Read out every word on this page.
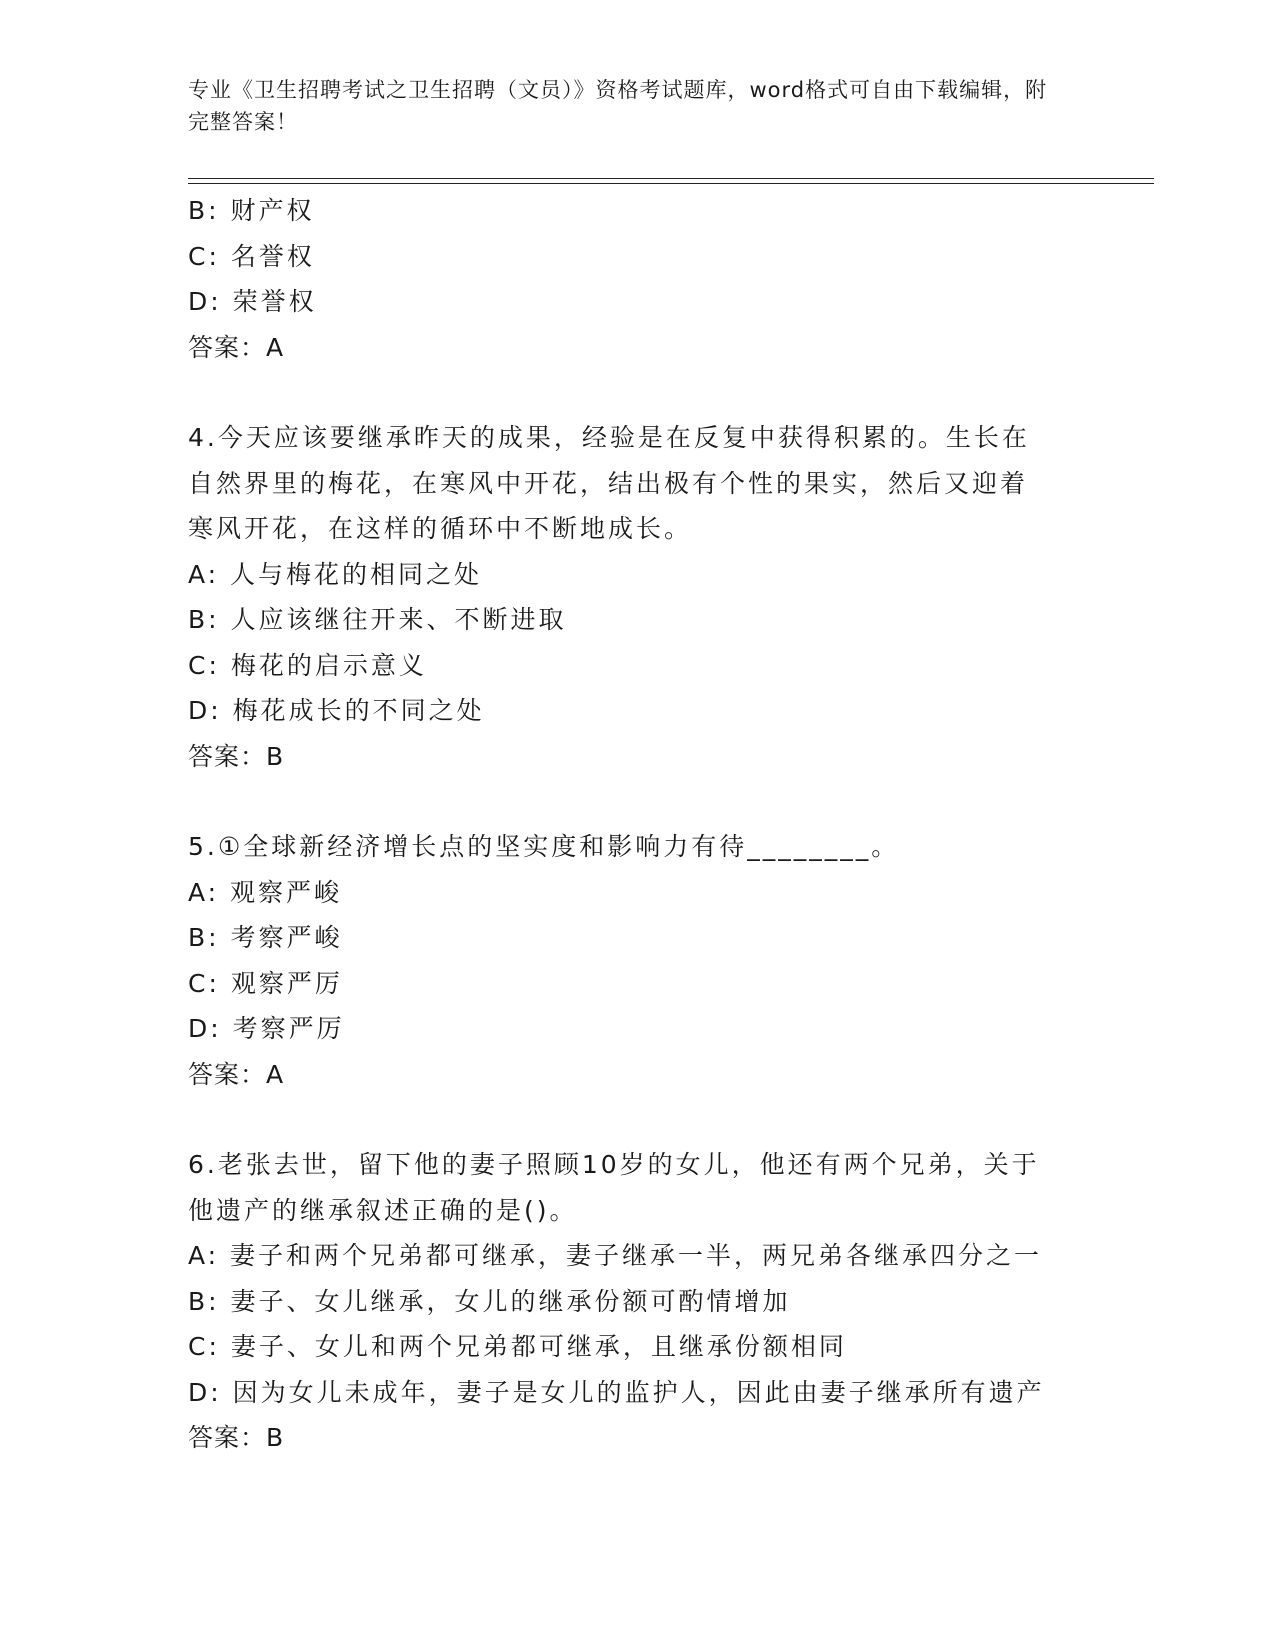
专业《卫生招聘考试之卫生招聘（文员）》资格考试题库，word格式可自由下载编辑，附完整答案！
B: 财产权
C: 名誉权
D: 荣誉权
答案：A
4.今天应该要继承昨天的成果，经验是在反复中获得积累的。生长在
自然界里的梅花，在寒风中开花，结出极有个性的果实，然后又迎着
寒风开花，在这样的循环中不断地成长。
A: 人与梅花的相同之处
B: 人应该继往开来、不断进取
C: 梅花的启示意义
D: 梅花成长的不同之处
答案：B
5.①全球新经济增长点的坚实度和影响力有待________。
A: 观察严峻
B: 考察严峻
C: 观察严厉
D: 考察严厉
答案：A
6.老张去世，留下他的妻子照顾10岁的女儿，他还有两个兄弟，关于
他遗产的继承叙述正确的是()。
A: 妻子和两个兄弟都可继承，妻子继承一半，两兄弟各继承四分之一
B: 妻子、女儿继承，女儿的继承份额可酌情增加
C: 妻子、女儿和两个兄弟都可继承，且继承份额相同
D: 因为女儿未成年，妻子是女儿的监护人，因此由妻子继承所有遗产
答案：B
